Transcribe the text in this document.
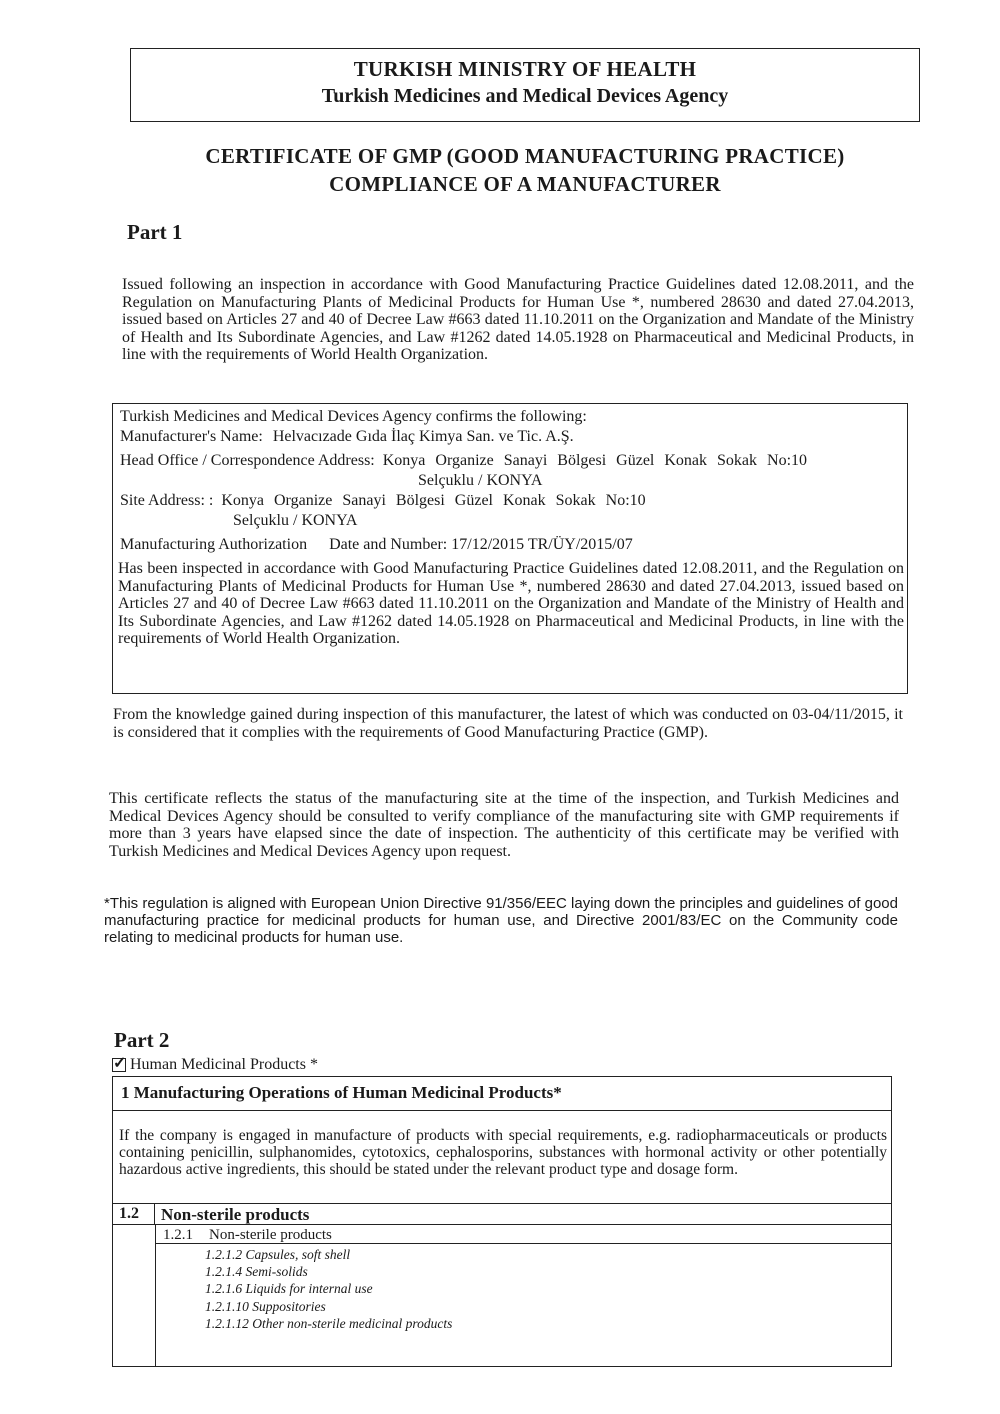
TURKISH MINISTRY OF HEALTH
Turkish Medicines and Medical Devices Agency
CERTIFICATE OF GMP (GOOD MANUFACTURING PRACTICE)
COMPLIANCE OF A MANUFACTURER
Part 1
Issued following an inspection in accordance with Good Manufacturing Practice Guidelines dated 12.08.2011, and the Regulation on Manufacturing Plants of Medicinal Products for Human Use *, numbered 28630 and dated 27.04.2013, issued based on Articles 27 and 40 of Decree Law #663 dated 11.10.2011 on the Organization and Mandate of the Ministry of Health and Its Subordinate Agencies, and Law #1262 dated 14.05.1928 on Pharmaceutical and Medicinal Products, in line with the requirements of World Health Organization.
Turkish Medicines and Medical Devices Agency confirms the following:
Manufacturer's Name: Helvacızade Gıda İlaç Kimya San. ve Tic. A.Ş.
Head Office / Correspondence Address: Konya Organize Sanayi Bölgesi Güzel Konak Sokak No:10
Selçuklu / KONYA
Site Address: : Konya Organize Sanayi Bölgesi Güzel Konak Sokak No:10
Selçuklu / KONYA
Manufacturing Authorization Date and Number: 17/12/2015 TR/ÜY/2015/07
Has been inspected in accordance with Good Manufacturing Practice Guidelines dated 12.08.2011, and the Regulation on Manufacturing Plants of Medicinal Products for Human Use *, numbered 28630 and dated 27.04.2013, issued based on Articles 27 and 40 of Decree Law #663 dated 11.10.2011 on the Organization and Mandate of the Ministry of Health and Its Subordinate Agencies, and Law #1262 dated 14.05.1928 on Pharmaceutical and Medicinal Products, in line with the requirements of World Health Organization.
From the knowledge gained during inspection of this manufacturer, the latest of which was conducted on 03-04/11/2015, it is considered that it complies with the requirements of Good Manufacturing Practice (GMP).
This certificate reflects the status of the manufacturing site at the time of the inspection, and Turkish Medicines and Medical Devices Agency should be consulted to verify compliance of the manufacturing site with GMP requirements if more than 3 years have elapsed since the date of inspection. The authenticity of this certificate may be verified with Turkish Medicines and Medical Devices Agency upon request.
*This regulation is aligned with European Union Directive 91/356/EEC laying down the principles and guidelines of good manufacturing practice for medicinal products for human use, and Directive 2001/83/EC on the Community code relating to medicinal products for human use.
Part 2
✓ Human Medicinal Products *
1 Manufacturing Operations of Human Medicinal Products*
If the company is engaged in manufacture of products with special requirements, e.g. radiopharmaceuticals or products containing penicillin, sulphanomides, cytotoxics, cephalosporins, substances with hormonal activity or other potentially hazardous active ingredients, this should be stated under the relevant product type and dosage form.
1.2	Non-sterile products
1.2.1 Non-sterile products
1.2.1.2 Capsules, soft shell
1.2.1.4 Semi-solids
1.2.1.6 Liquids for internal use
1.2.1.10 Suppositories
1.2.1.12 Other non-sterile medicinal products
